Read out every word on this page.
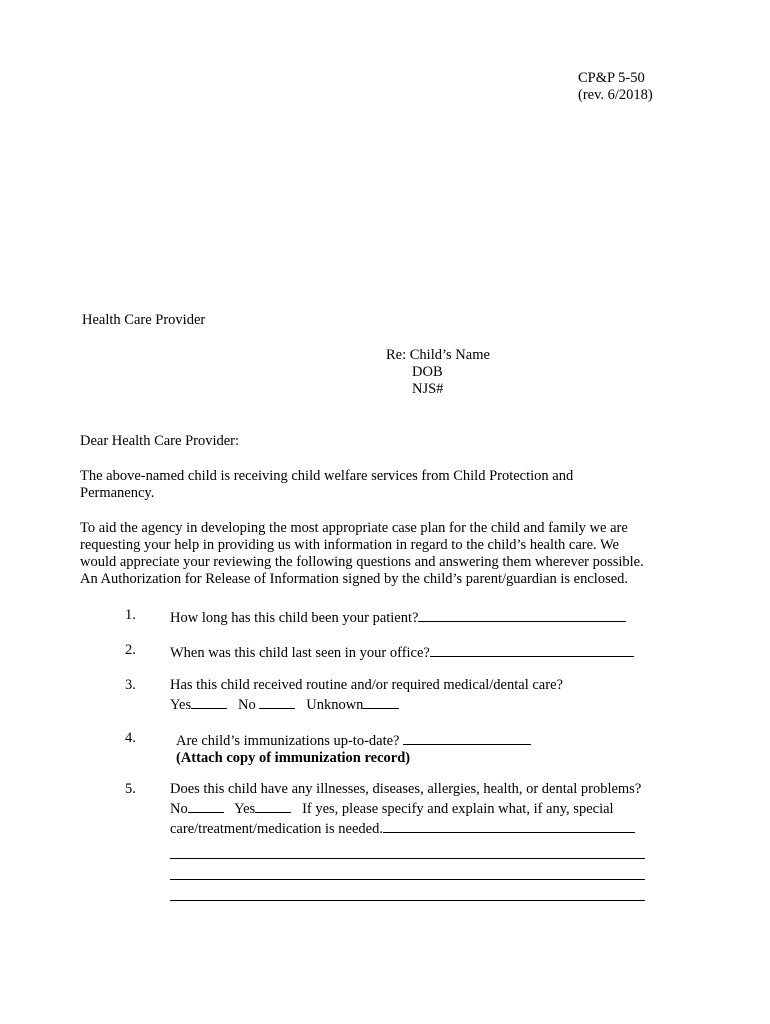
CP&P 5-50
(rev. 6/2018)
Health Care Provider
Re: Child’s Name
DOB
NJS#
Dear Health Care Provider:
The above-named child is receiving child welfare services from Child Protection and
Permanency.
To aid the agency in developing the most appropriate case plan for the child and family we are
requesting your help in providing us with information in regard to the child’s health care. We
would appreciate your reviewing the following questions and answering them wherever possible.
An Authorization for Release of Information signed by the child’s parent/guardian is enclosed.
1. How long has this child been your patient?
2. When was this child last seen in your office?
3. Has this child received routine and/or required medical/dental care?
Yes	No	Unknown
4.	Are child’s immunizations up-to-date?
(Attach copy of immunization record)
5. Does this child have any illnesses, diseases, allergies, health, or dental problems?
No	Yes	If yes, please specify and explain what, if any, special
care/treatment/medication is needed.
